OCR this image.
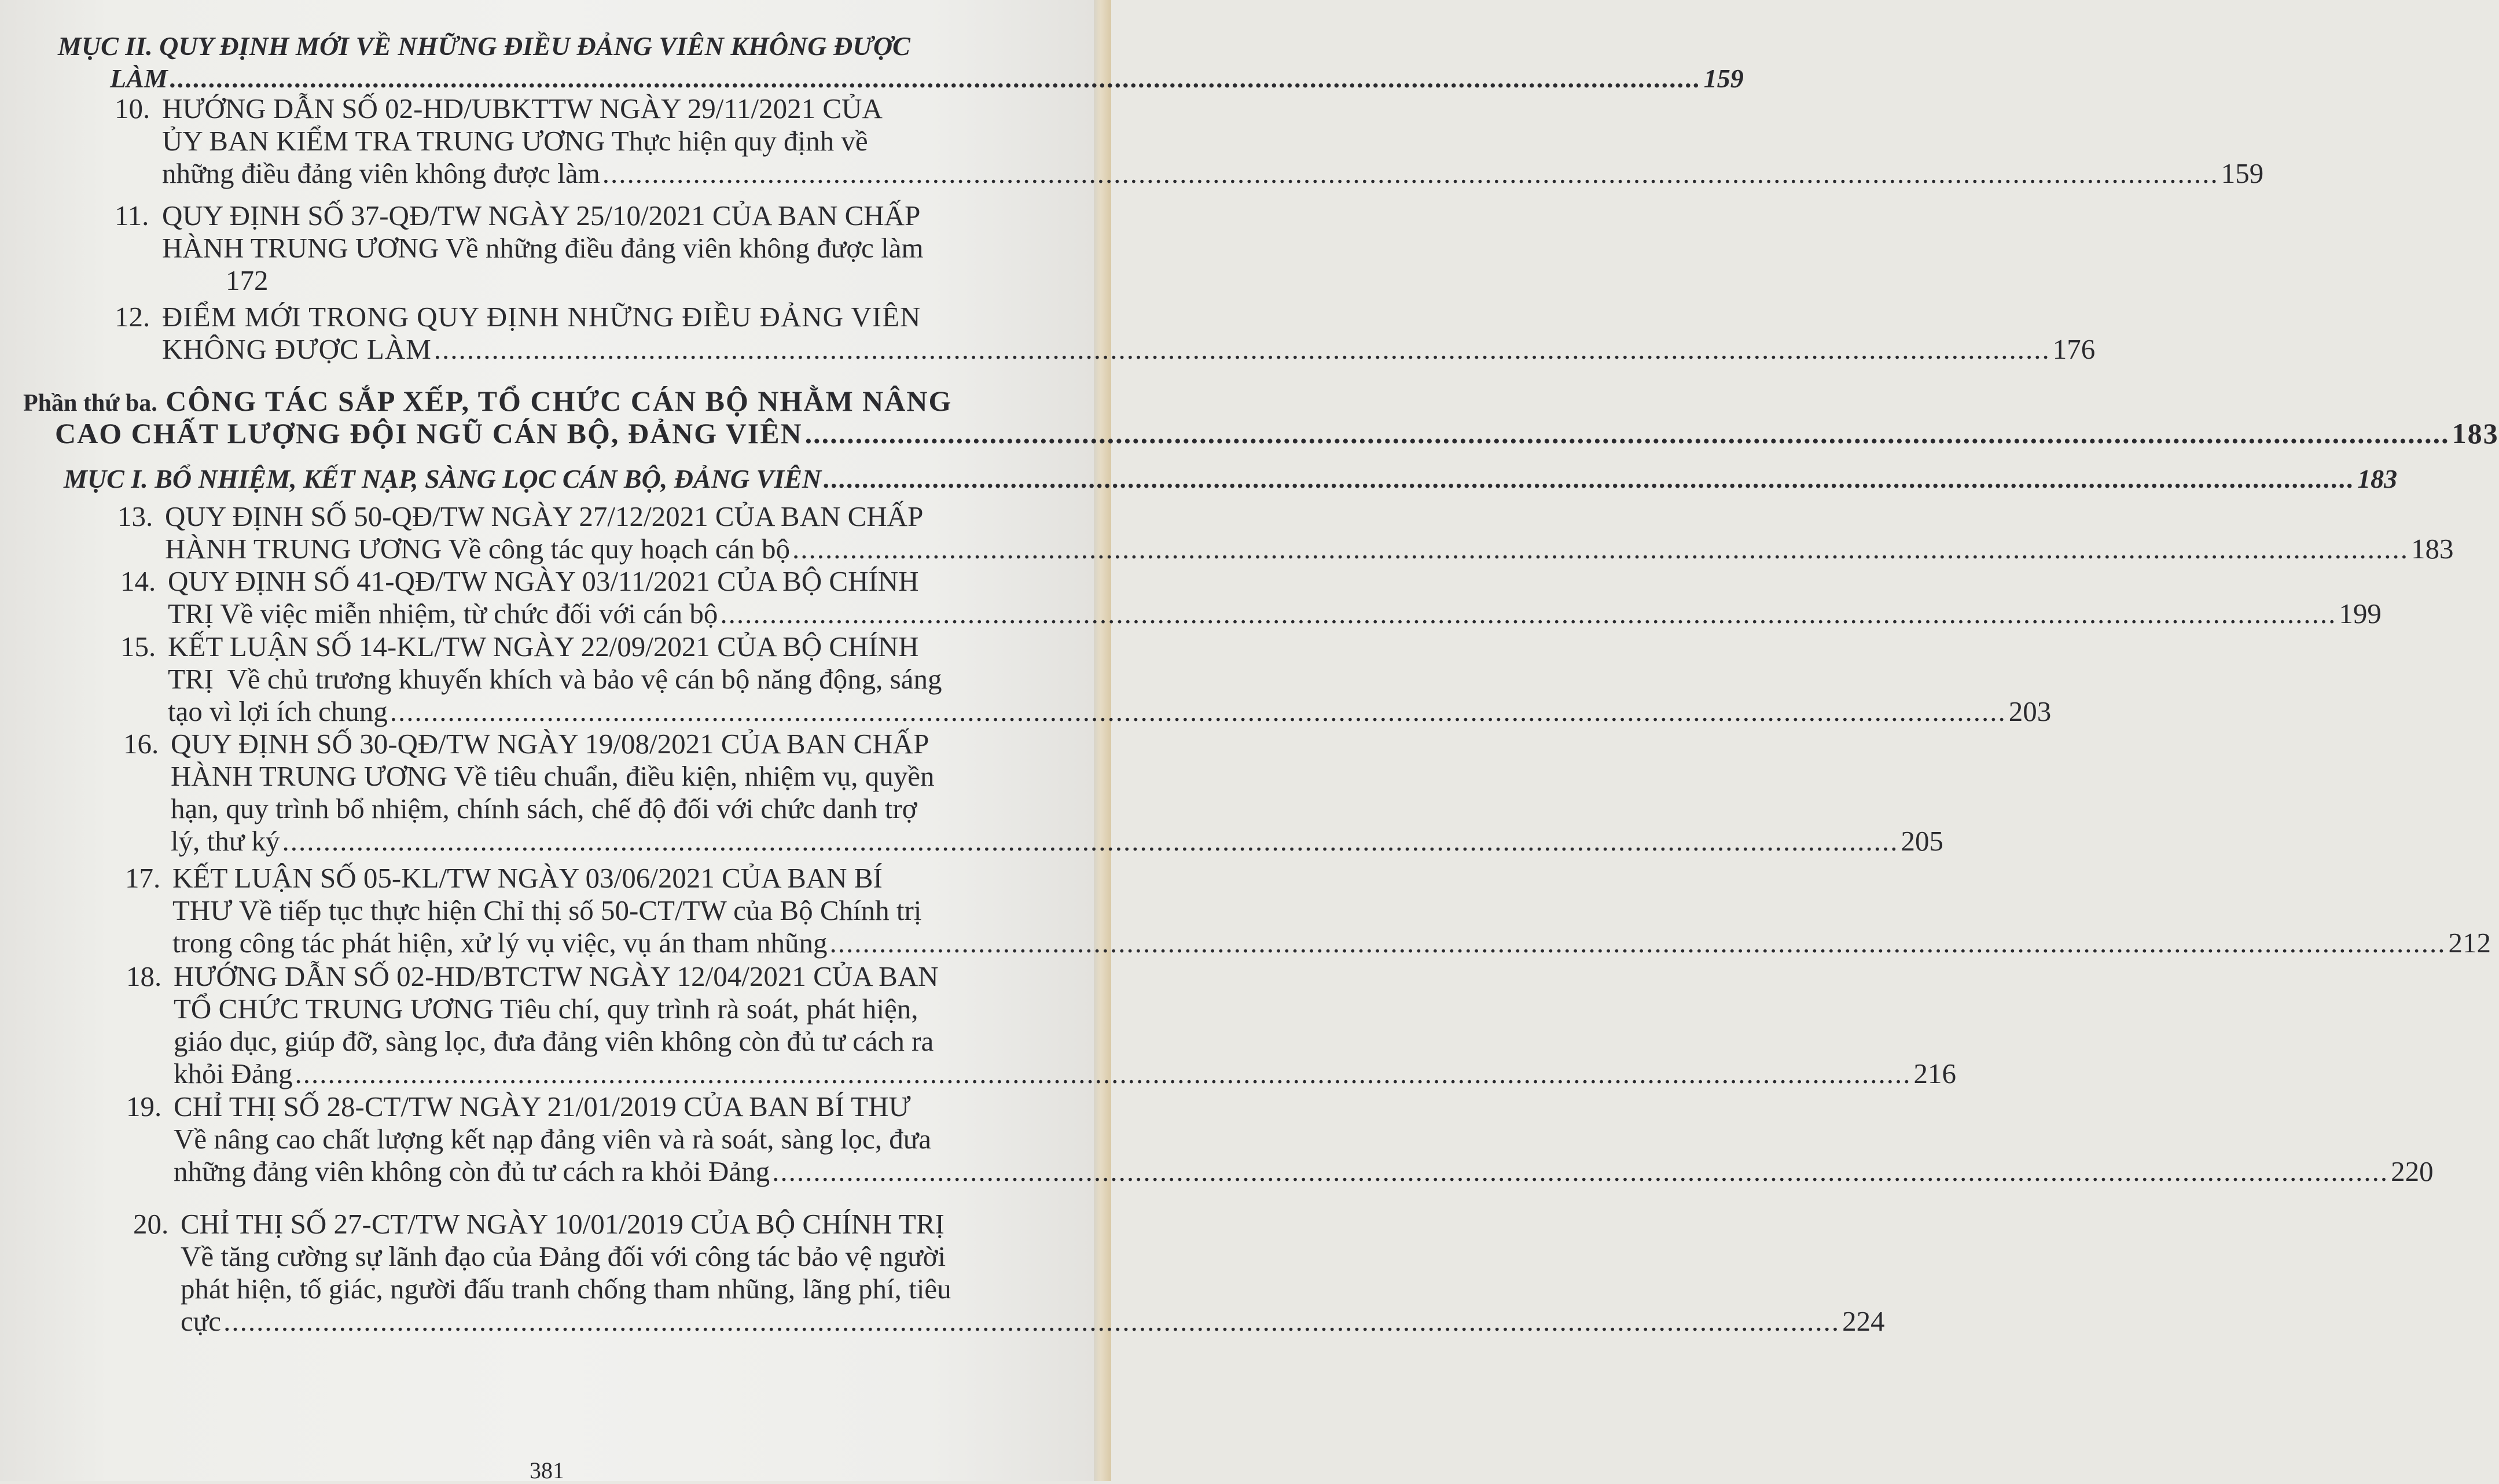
MỤC II. QUY ĐỊNH MỚI VỀ NHỮNG ĐIỀU ĐẢNG VIÊN KHÔNG ĐƯỢC
LÀM .................................................................................................................................................................................................... 159
10. HƯỚNG DẪN SỐ 02-HD/UBKTTW NGÀY 29/11/2021 CỦA
ỦY BAN KIỂM TRA TRUNG ƯƠNG Thực hiện quy định về
những điều đảng viên không được làm .................................................................................................................................................................................................... 159
11. QUY ĐỊNH SỐ 37-QĐ/TW NGÀY 25/10/2021 CỦA BAN CHẤP
HÀNH TRUNG ƯƠNG Về những điều đảng viên không được làm
172
12. ĐIỂM MỚI TRONG QUY ĐỊNH NHỮNG ĐIỀU ĐẢNG VIÊN
KHÔNG ĐƯỢC LÀM .................................................................................................................................................................................................... 176
Phần thứ ba. CÔNG TÁC SẮP XẾP, TỔ CHỨC CÁN BỘ NHẰM NÂNG
CAO CHẤT LƯỢNG ĐỘI NGŨ CÁN BỘ, ĐẢNG VIÊN .................................................................................................................................................................................................... 183
MỤC I. BỔ NHIỆM, KẾT NẠP, SÀNG LỌC CÁN BỘ, ĐẢNG VIÊN .................................................................................................................................................................................................... 183
13. QUY ĐỊNH SỐ 50-QĐ/TW NGÀY 27/12/2021 CỦA BAN CHẤP
HÀNH TRUNG ƯƠNG Về công tác quy hoạch cán bộ .................................................................................................................................................................................................... 183
14. QUY ĐỊNH SỐ 41-QĐ/TW NGÀY 03/11/2021 CỦA BỘ CHÍNH
TRỊ Về việc miễn nhiệm, từ chức đối với cán bộ .................................................................................................................................................................................................... 199
15. KẾT LUẬN SỐ 14-KL/TW NGÀY 22/09/2021 CỦA BỘ CHÍNH
TRỊ  Về chủ trương khuyến khích và bảo vệ cán bộ năng động, sáng
tạo vì lợi ích chung .................................................................................................................................................................................................... 203
16. QUY ĐỊNH SỐ 30-QĐ/TW NGÀY 19/08/2021 CỦA BAN CHẤP
HÀNH TRUNG ƯƠNG Về tiêu chuẩn, điều kiện, nhiệm vụ, quyền
hạn, quy trình bổ nhiệm, chính sách, chế độ đối với chức danh trợ
lý, thư ký .................................................................................................................................................................................................... 205
17. KẾT LUẬN SỐ 05-KL/TW NGÀY 03/06/2021 CỦA BAN BÍ
THƯ Về tiếp tục thực hiện Chỉ thị số 50-CT/TW của Bộ Chính trị
trong công tác phát hiện, xử lý vụ việc, vụ án tham nhũng .................................................................................................................................................................................................... 212
18. HƯỚNG DẪN SỐ 02-HD/BTCTW NGÀY 12/04/2021 CỦA BAN
TỔ CHỨC TRUNG ƯƠNG Tiêu chí, quy trình rà soát, phát hiện,
giáo dục, giúp đỡ, sàng lọc, đưa đảng viên không còn đủ tư cách ra
khỏi Đảng .................................................................................................................................................................................................... 216
19. CHỈ THỊ SỐ 28-CT/TW NGÀY 21/01/2019 CỦA BAN BÍ THƯ
Về nâng cao chất lượng kết nạp đảng viên và rà soát, sàng lọc, đưa
những đảng viên không còn đủ tư cách ra khỏi Đảng .................................................................................................................................................................................................... 220
20. CHỈ THỊ SỐ 27-CT/TW NGÀY 10/01/2019 CỦA BỘ CHÍNH TRỊ
Về tăng cường sự lãnh đạo của Đảng đối với công tác bảo vệ người
phát hiện, tố giác, người đấu tranh chống tham nhũng, lãng phí, tiêu
cực .................................................................................................................................................................................................... 224
381
